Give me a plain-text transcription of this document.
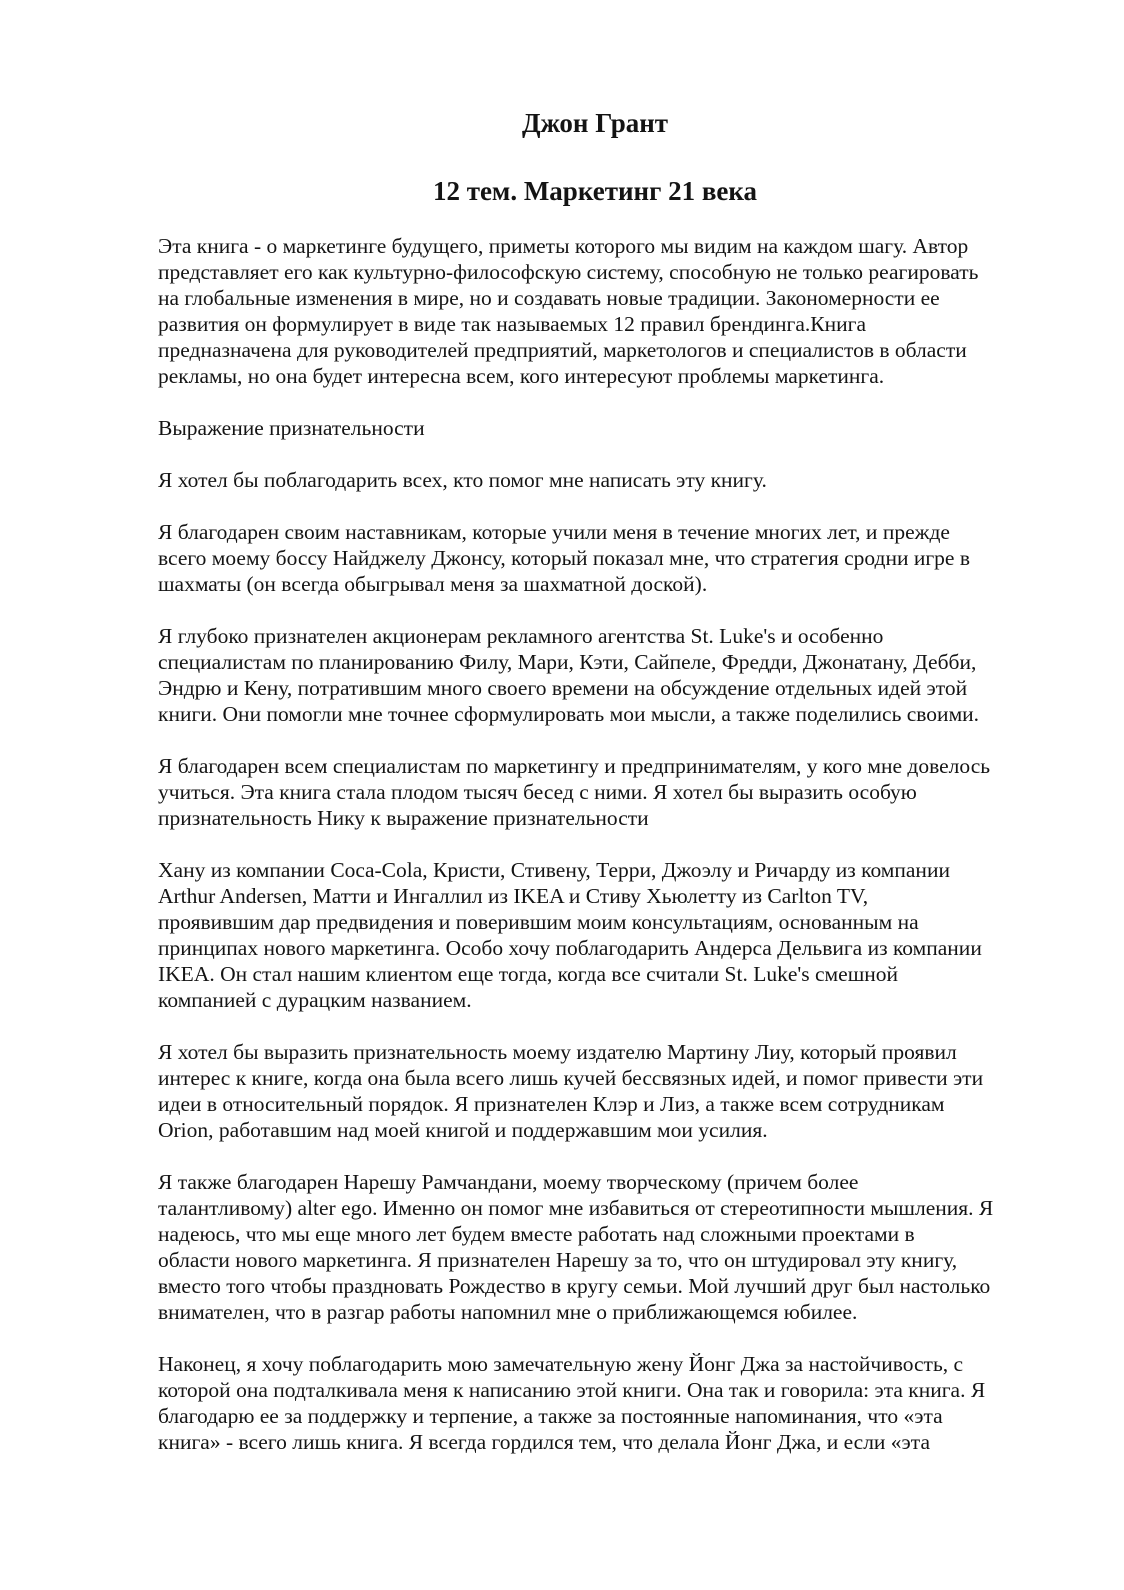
Джон Грант
12 тем. Маркетинг 21 века

Эта книга - о маркетинге будущего, приметы которого мы видим на каждом шагу. Автор
представляет его как культурно-философскую систему, способную не только реагировать
на глобальные изменения в мире, но и создавать новые традиции. Закономерности ее
развития он формулирует в виде так называемых 12 правил брендинга.Книга
предназначена для руководителей предприятий, маркетологов и специалистов в области
рекламы, но она будет интересна всем, кого интересуют проблемы маркетинга.

Выражение признательности

Я хотел бы поблагодарить всех, кто помог мне написать эту книгу.

Я благодарен своим наставникам, которые учили меня в течение многих лет, и прежде
всего моему боссу Найджелу Джонсу, который показал мне, что стратегия сродни игре в
шахматы (он всегда обыгрывал меня за шахматной доской).

Я глубоко признателен акционерам рекламного агентства St. Luke's и особенно
специалистам по планированию Филу, Мари, Кэти, Сайпеле, Фредди, Джонатану, Дебби,
Эндрю и Кену, потратившим много своего времени на обсуждение отдельных идей этой
книги. Они помогли мне точнее сформулировать мои мысли, а также поделились своими.

Я благодарен всем специалистам по маркетингу и предпринимателям, у кого мне довелось
учиться. Эта книга стала плодом тысяч бесед с ними. Я хотел бы выразить особую
признательность Нику к выражение признательности

Хану из компании Coca-Cola, Кристи, Стивену, Терри, Джоэлу и Ричарду из компании
Arthur Andersen, Матти и Ингаллил из IKEA и Стиву Хьюлетту из Carlton TV,
проявившим дар предвидения и поверившим моим консультациям, основанным на
принципах нового маркетинга. Особо хочу поблагодарить Андерса Дельвига из компании
IKEA. Он стал нашим клиентом еще тогда, когда все считали St. Luke's смешной
компанией с дурацким названием.

Я хотел бы выразить признательность моему издателю Мартину Лиу, который проявил
интерес к книге, когда она была всего лишь кучей бессвязных идей, и помог привести эти
идеи в относительный порядок. Я признателен Клэр и Лиз, а также всем сотрудникам
Orion, работавшим над моей книгой и поддержавшим мои усилия.

Я также благодарен Нарешу Рамчандани, моему творческому (причем более
талантливому) alter ego. Именно он помог мне избавиться от стереотипности мышления. Я
надеюсь, что мы еще много лет будем вместе работать над сложными проектами в
области нового маркетинга. Я признателен Нарешу за то, что он штудировал эту книгу,
вместо того чтобы праздновать Рождество в кругу семьи. Мой лучший друг был настолько
внимателен, что в разгар работы напомнил мне о приближающемся юбилее.

Наконец, я хочу поблагодарить мою замечательную жену Йонг Джа за настойчивость, с
которой она подталкивала меня к написанию этой книги. Она так и говорила: эта книга. Я
благодарю ее за поддержку и терпение, а также за постоянные напоминания, что «эта
книга» - всего лишь книга. Я всегда гордился тем, что делала Йонг Джа, и если «эта
